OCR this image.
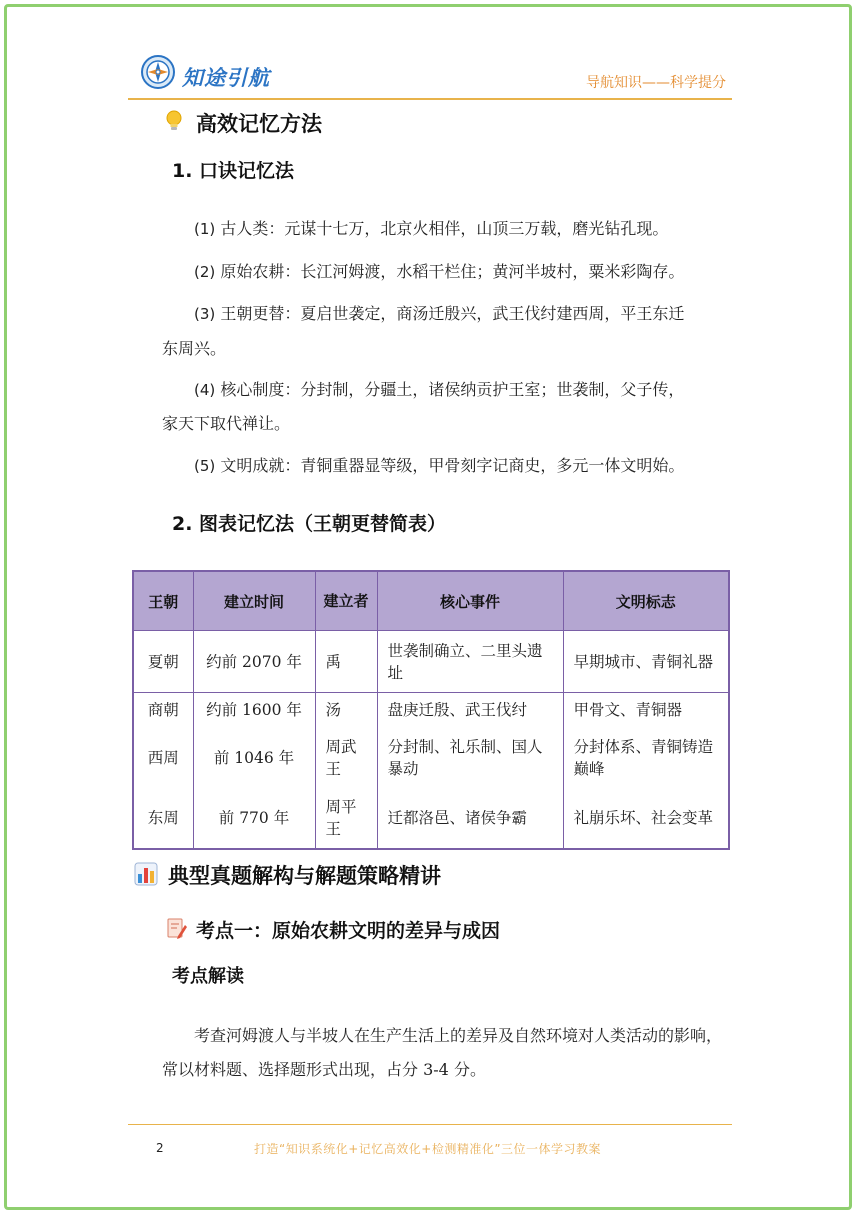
知途引航	导航知识——科学提分
高效记忆方法
1. 口诀记忆法
(1) 古人类：元谋十七万，北京火相伴，山顶三万载，磨光钻孔现。
(2) 原始农耕：长江河姆渡，水稻干栏住；黄河半坡村，粟米彩陶存。
(3) 王朝更替：夏启世袭定，商汤迁殷兴，武王伐纣建西周，平王东迁
东周兴。
(4) 核心制度：分封制，分疆土，诸侯纳贡护王室；世袭制，父子传，
家天下取代禅让。
(5) 文明成就：青铜重器显等级，甲骨刻字记商史，多元一体文明始。
2. 图表记忆法（王朝更替简表）
王朝	建立时间	建立者	核心事件	文明标志
夏朝	约前 2070 年	禹	世袭制确立、二里头遗址	早期城市、青铜礼器
商朝	约前 1600 年	汤	盘庚迁殷、武王伐纣	甲骨文、青铜器
西周	前 1046 年	周武王	分封制、礼乐制、国人暴动	分封体系、青铜铸造巅峰
东周	前 770 年	周平王	迁都洛邑、诸侯争霸	礼崩乐坏、社会变革
典型真题解构与解题策略精讲
考点一：原始农耕文明的差异与成因
考点解读
考查河姆渡人与半坡人在生产生活上的差异及自然环境对人类活动的影响，
常以材料题、选择题形式出现，占分 3-4 分。
2	打造“知识系统化+记忆高效化+检测精准化”三位一体学习教案
